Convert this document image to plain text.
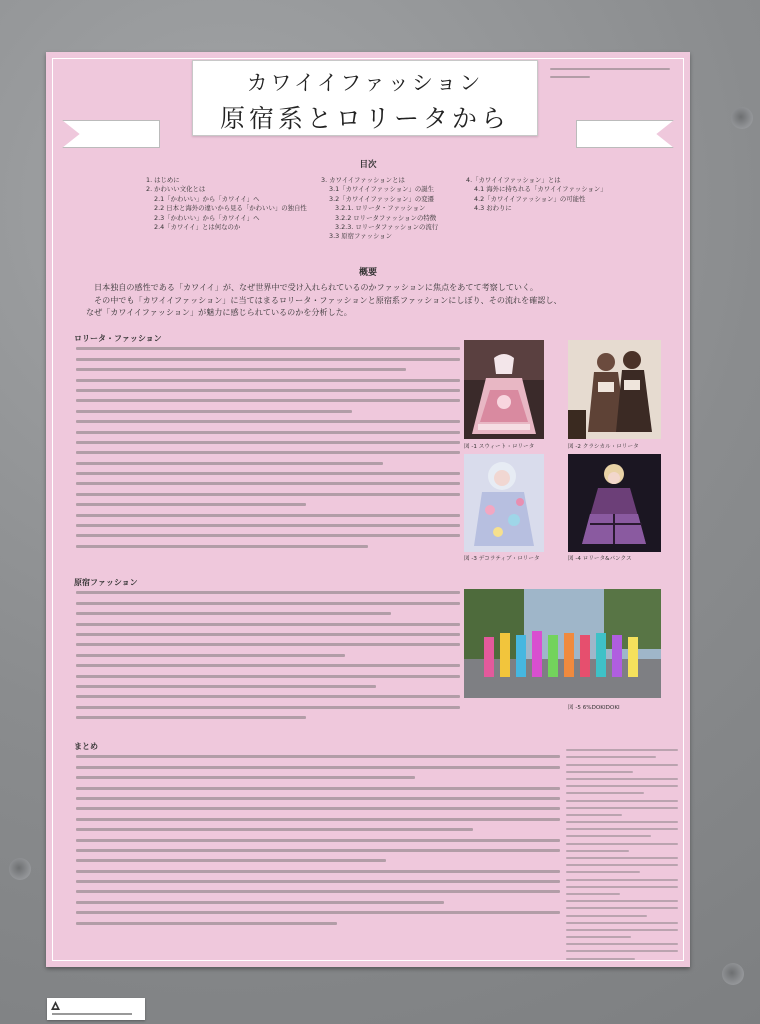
カワイイファッション
原宿系とロリータから
目次
1. はじめに
2. かわいい文化とは
2.1「かわいい」から「カワイイ」へ
2.2 日本と海外の違いから見る「かわいい」の独自性
2.3「かわいい」から「カワイイ」へ
2.4「カワイイ」とは何なのか
3. カワイイファッションとは
3.1「カワイイファッション」の誕生
3.2「カワイイファッション」の変遷
3.2.1. ロリータ・ファッション
3.2.2 ロリータファッションの特徴
3.2.3. ロリータファッションの流行
3.3 原宿ファッション
4.「カワイイファッション」とは
4.1 海外に持ちれる「カワイイファッション」
4.2「カワイイファッション」の可能性
4.3 おわりに
概要
日本独自の感性である「カワイイ」が、なぜ世界中で受け入れられているのかファッションに焦点をあてて考察していく。
その中でも「カワイイファッション」に当てはまるロリータ・ファッションと原宿系ファッションにしぼり、その流れを確認し、
なぜ「カワイイファッション」が魅力に感じられているのかを分析した。
ロリータ・ファッション
図 -1 スウィート・ロリータ	図 -2 クラシカル・ロリータ
図 -3 デコラティブ・ロリータ	図 -4 ロリータ&パンクス
原宿ファッション
図 -5 6%DOKIDOKI
まとめ
